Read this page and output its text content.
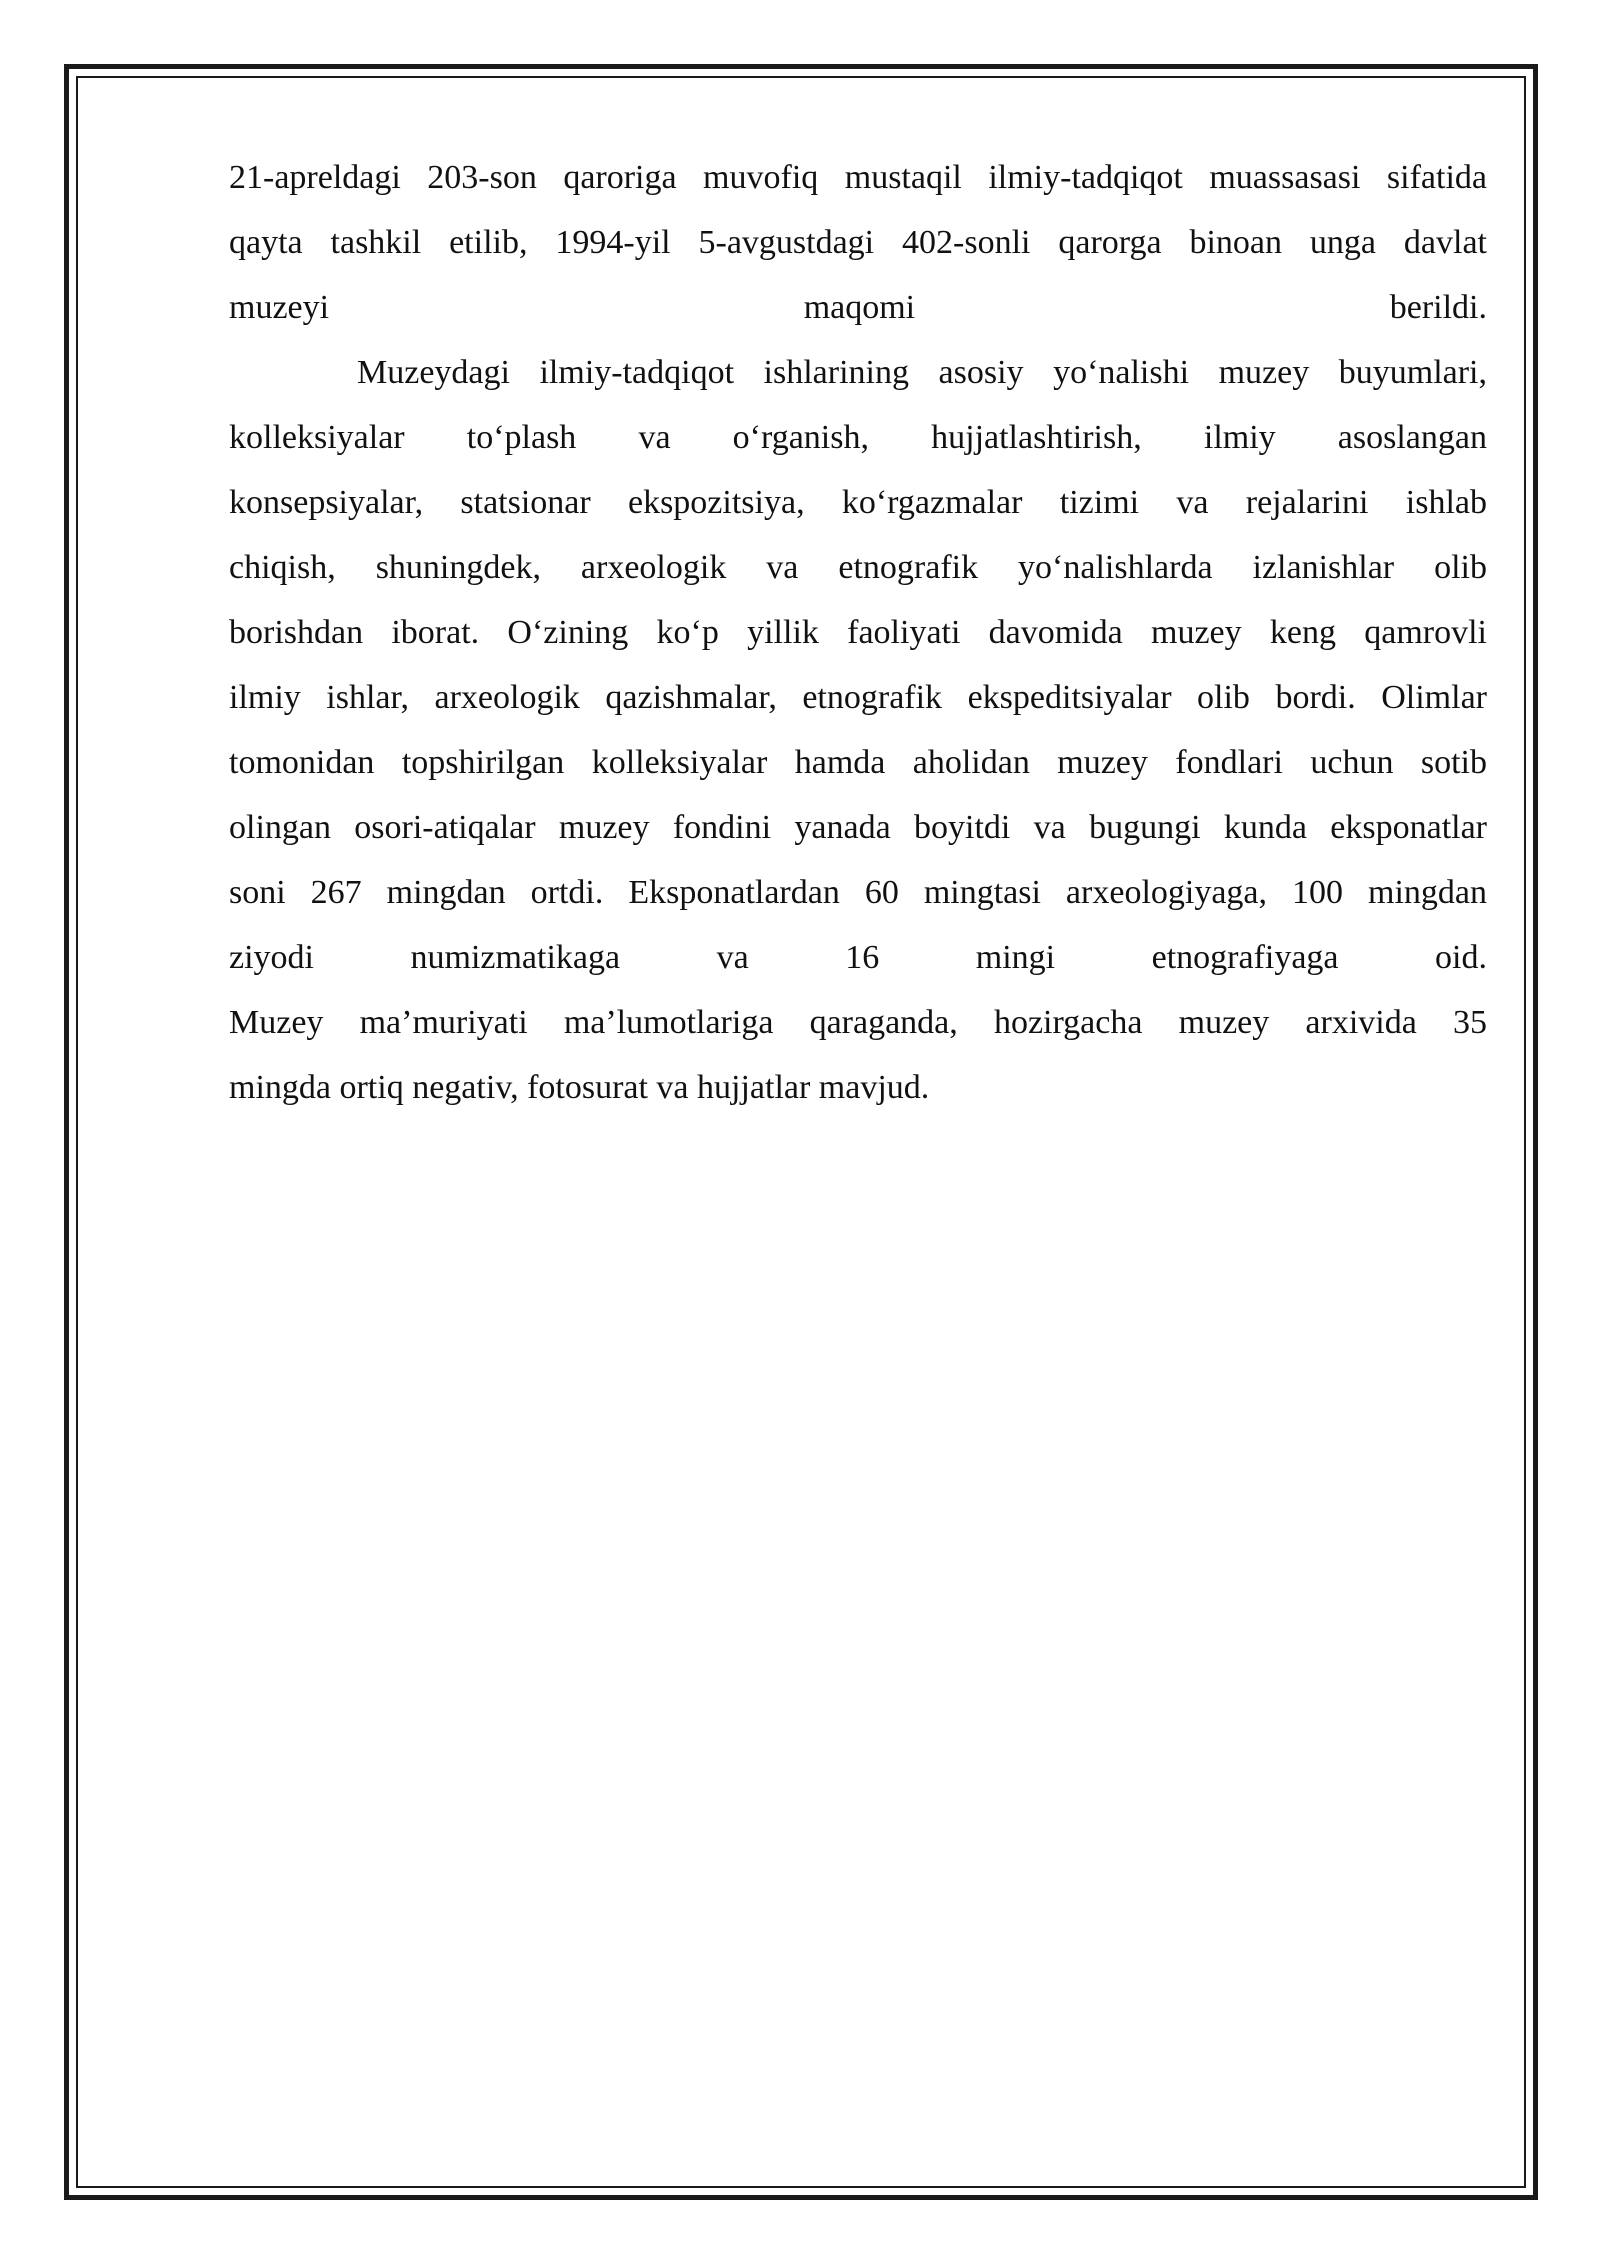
21-apreldagi 203-son qaroriga muvofiq mustaqil ilmiy-tadqiqot muassasasi sifatida
qayta tashkil etilib, 1994-yil 5-avgustdagi 402-sonli qarorga binoan unga davlat
muzeyi maqomi berildi.
Muzeydagi ilmiy-tadqiqot ishlarining asosiy yo‘nalishi muzey buyumlari,
kolleksiyalar to‘plash va o‘rganish, hujjatlashtirish, ilmiy asoslangan
konsepsiyalar, statsionar ekspozitsiya, ko‘rgazmalar tizimi va rejalarini ishlab
chiqish, shuningdek, arxeologik va etnografik yo‘nalishlarda izlanishlar olib
borishdan iborat. O‘zining ko‘p yillik faoliyati davomida muzey keng qamrovli
ilmiy ishlar, arxeologik qazishmalar, etnografik ekspeditsiyalar olib bordi. Olimlar
tomonidan topshirilgan kolleksiyalar hamda aholidan muzey fondlari uchun sotib
olingan osori-atiqalar muzey fondini yanada boyitdi va bugungi kunda eksponatlar
soni 267 mingdan ortdi. Eksponatlardan 60 mingtasi arxeologiyaga, 100 mingdan
ziyodi numizmatikaga va 16 mingi etnografiyaga oid.
Muzey ma’muriyati ma’lumotlariga qaraganda, hozirgacha muzey arxivida 35
mingda ortiq negativ, fotosurat va hujjatlar mavjud.
